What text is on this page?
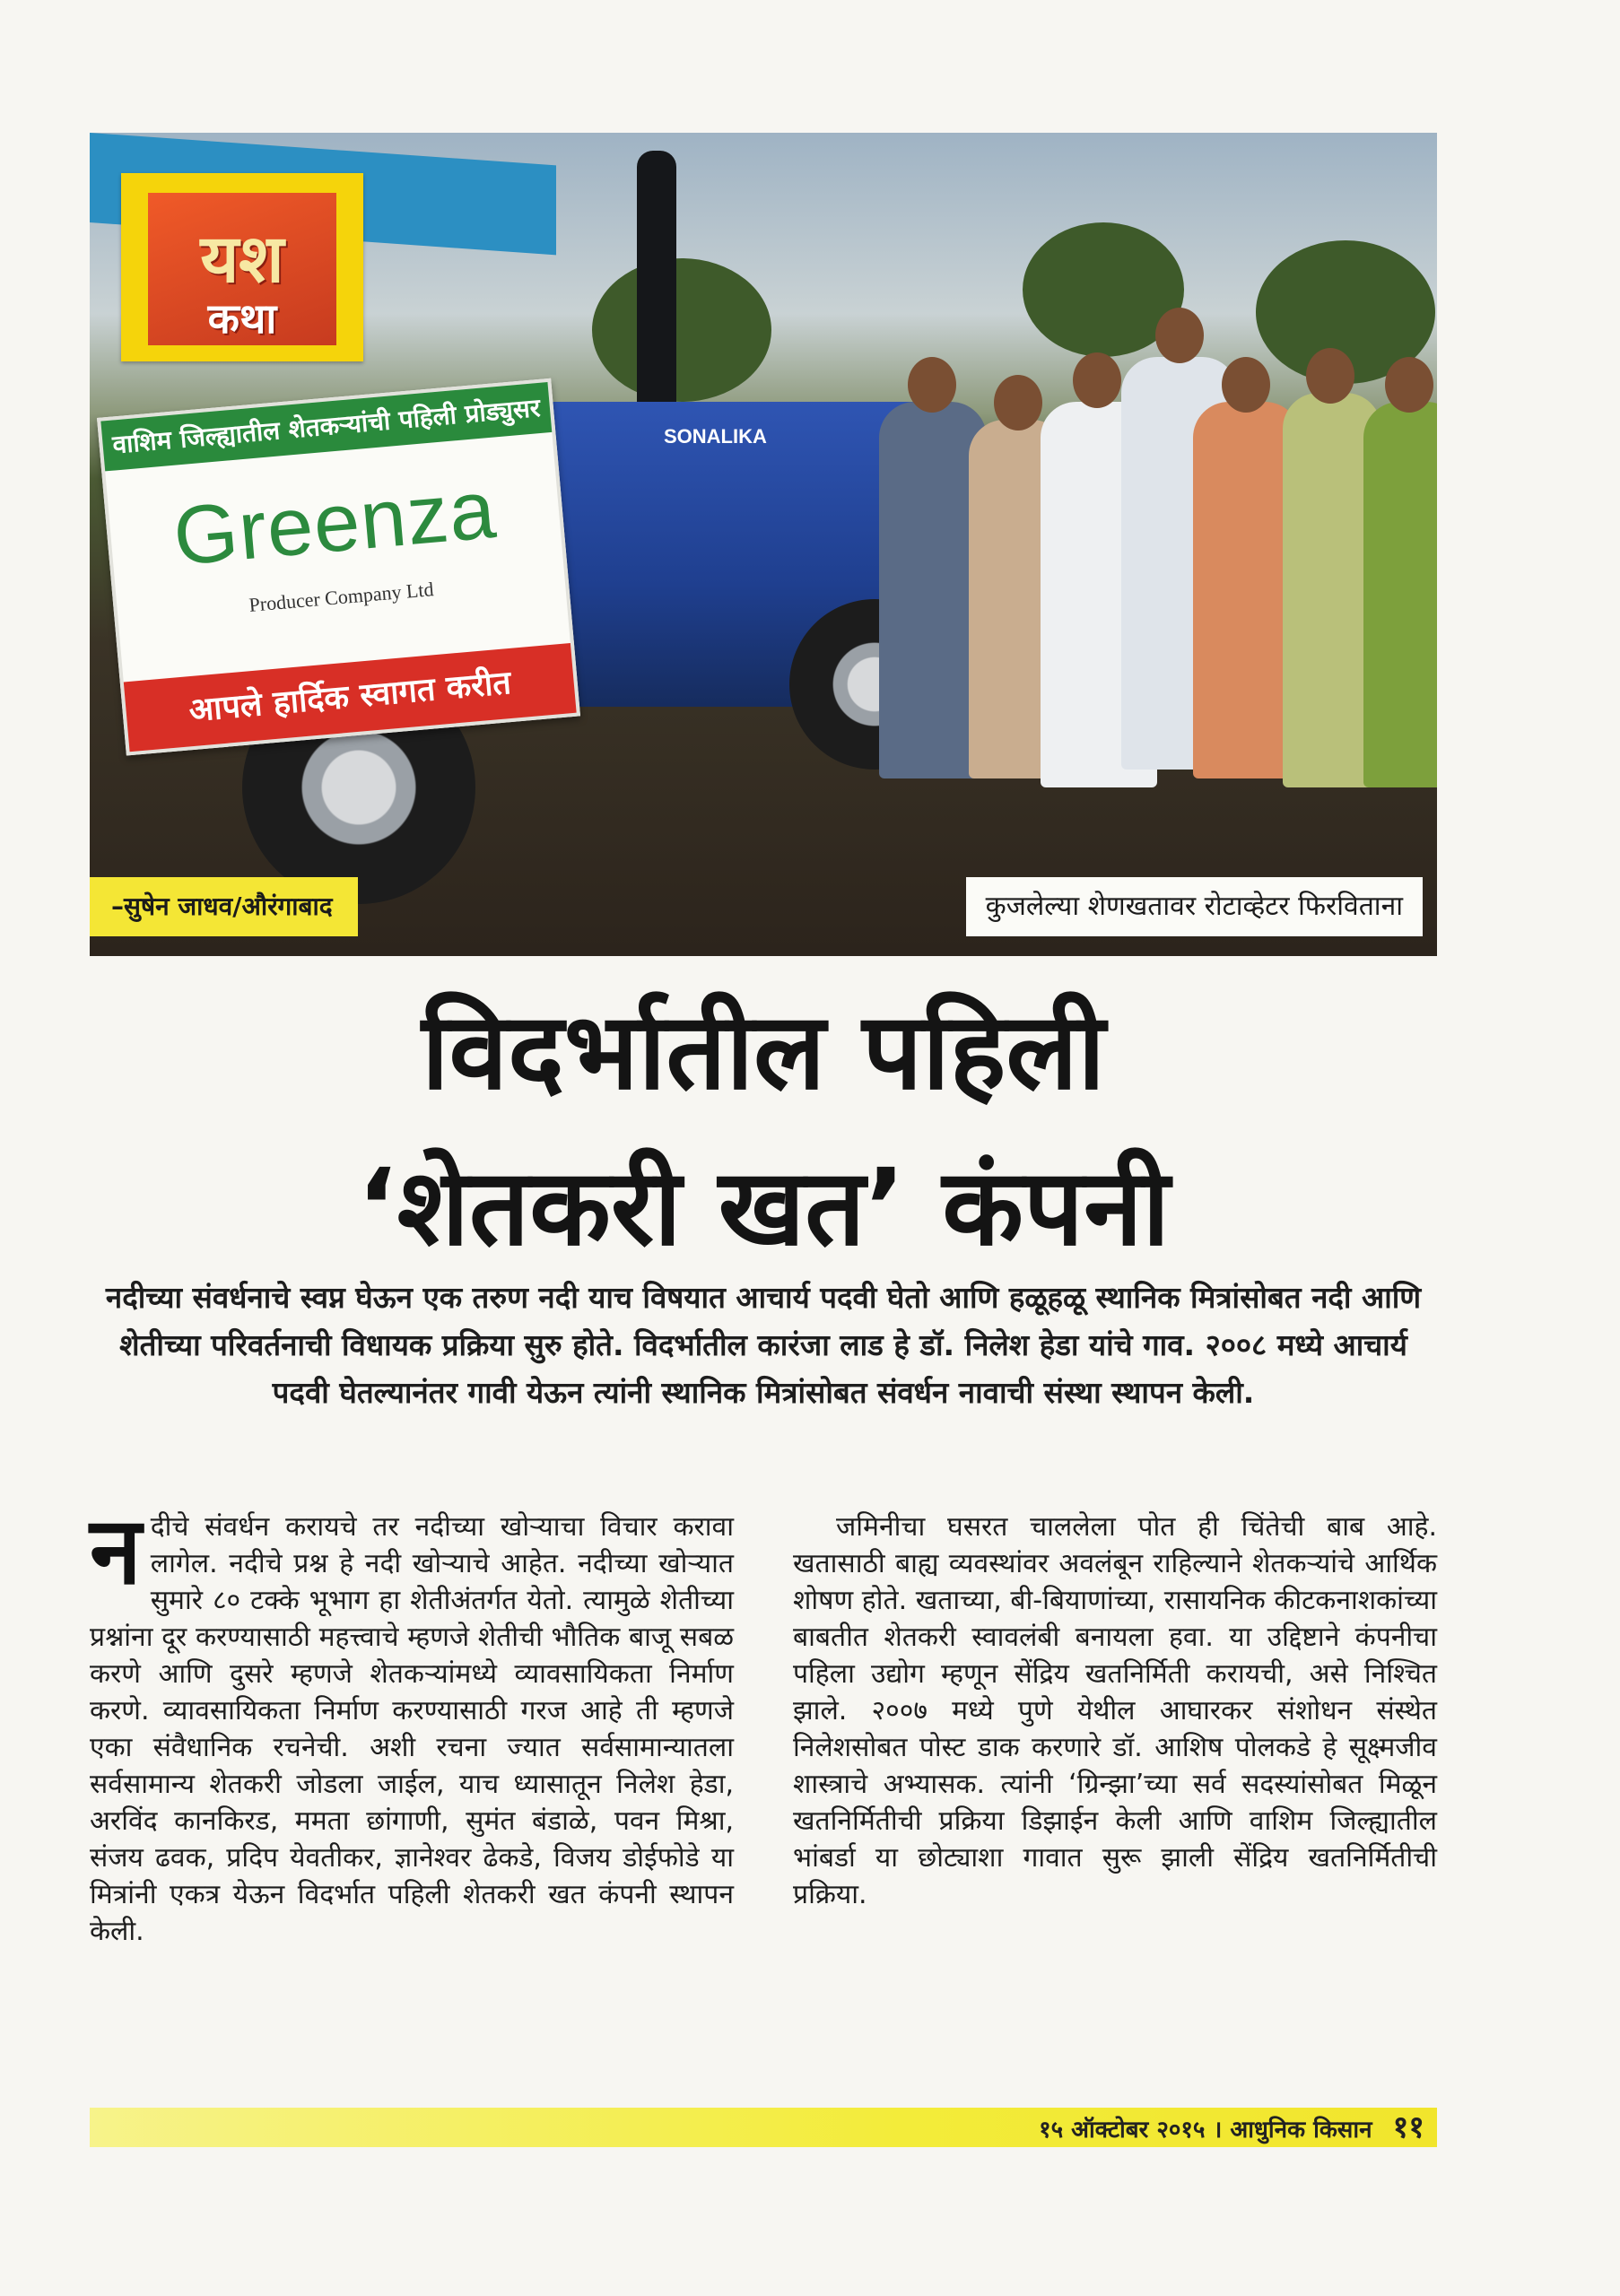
SONALIKA
वाशिम जिल्ह्यातील शेतकऱ्यांची पहिली प्रोड्युसर
Greenza
Producer Company Ltd
आपले हार्दिक स्वागत करीत
यश
कथा
–सुषेन जाधव/औरंगाबाद	कुजलेल्या शेणखतावर रोटाव्हेटर फिरविताना
विदर्भातील पहिली
‘शेतकरी खत’ कंपनी
नदीच्या संवर्धनाचे स्वप्न घेऊन एक तरुण नदी याच विषयात आचार्य पदवी घेतो आणि हळूहळू स्थानिक मित्रांसोबत नदी आणि शेतीच्या परिवर्तनाची विधायक प्रक्रिया सुरु होते. विदर्भातील कारंजा लाड हे डॉ. निलेश हेडा यांचे गाव. २००८ मध्ये आचार्य पदवी घेतल्यानंतर गावी येऊन त्यांनी स्थानिक मित्रांसोबत संवर्धन नावाची संस्था स्थापन केली.
न दीचे संवर्धन करायचे तर नदीच्या खोऱ्याचा विचार करावा लागेल. नदीचे प्रश्न हे नदी खोऱ्याचे आहेत. नदीच्या खोऱ्यात सुमारे ८० टक्के भूभाग हा शेतीअंतर्गत येतो. त्यामुळे शेतीच्या प्रश्नांना दूर करण्यासाठी महत्त्वाचे म्हणजे शेतीची भौतिक बाजू सबळ करणे आणि दुसरे म्हणजे शेतकऱ्यांमध्ये व्यावसायिकता निर्माण करणे. व्यावसायिकता निर्माण करण्यासाठी गरज आहे ती म्हणजे एका संवैधानिक रचनेची. अशी रचना ज्यात सर्वसामान्यातला सर्वसामान्य शेतकरी जोडला जाईल, याच ध्यासातून निलेश हेडा, अरविंद कानकिरड, ममता छांगाणी, सुमंत बंडाळे, पवन मिश्रा, संजय ढवक, प्रदिप येवतीकर, ज्ञानेश्वर ढेकडे, विजय डोईफोडे या मित्रांनी एकत्र येऊन विदर्भात पहिली शेतकरी खत कंपनी स्थापन केली.
जमिनीचा घसरत चाललेला पोत ही चिंतेची बाब आहे. खतासाठी बाह्य व्यवस्थांवर अवलंबून राहिल्याने शेतकऱ्यांचे आर्थिक शोषण होते. खताच्या, बी-बियाणांच्या, रासायनिक कीटकनाशकांच्या बाबतीत शेतकरी स्वावलंबी बनायला हवा. या उद्दिष्टाने कंपनीचा पहिला उद्योग म्हणून सेंद्रिय खतनिर्मिती करायची, असे निश्चित झाले. २००७ मध्ये पुणे येथील आघारकर संशोधन संस्थेत निलेशसोबत पोस्ट डाक करणारे डॉ. आशिष पोलकडे हे सूक्ष्मजीव शास्त्राचे अभ्यासक. त्यांनी ‘ग्रिन्झा’च्या सर्व सदस्यांसोबत मिळून खतनिर्मितीची प्रक्रिया डिझाईन केली आणि वाशिम जिल्ह्यातील भांबर्डा या छोट्याशा गावात सुरू झाली सेंद्रिय खतनिर्मितीची प्रक्रिया.
१५ ऑक्टोबर २०१५ । आधुनिक किसान ११
